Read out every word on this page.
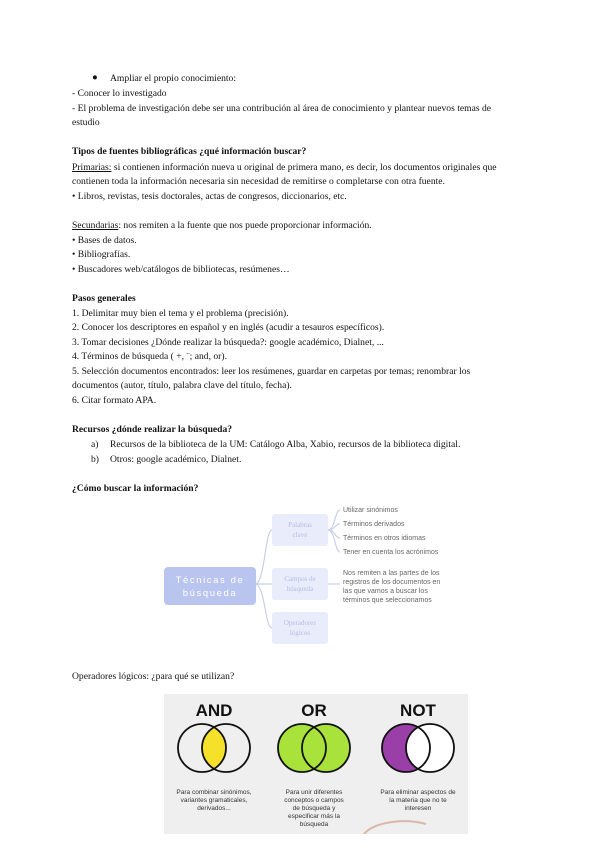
● Ampliar el propio conocimiento:
- Conocer lo investigado
- El problema de investigación debe ser una contribución al área de conocimiento y plantear nuevos temas de
estudio
Tipos de fuentes bibliográficas ¿qué información buscar?
Primarias: si contienen información nueva u original de primera mano, es decir, los documentos originales que
contienen toda la información necesaria sin necesidad de remitirse o completarse con otra fuente.
• Libros, revistas, tesis doctorales, actas de congresos, diccionarios, etc.
Secundarias: nos remiten a la fuente que nos puede proporcionar información.
• Bases de datos.
• Bibliografías.
• Buscadores web/catálogos de bibliotecas, resúmenes…
Pasos generales
1. Delimitar muy bien el tema y el problema (precisión).
2. Conocer los descriptores en español y en inglés (acudir a tesauros específicos).
3. Tomar decisiones ¿Dónde realizar la búsqueda?: google académico, Dialnet, ...
4. Términos de búsqueda ( +, ¨; and, or).
5. Selección documentos encontrados: leer los resúmenes, guardar en carpetas por temas; renombrar los
documentos (autor, título, palabra clave del título, fecha).
6. Citar formato APA.
Recursos ¿dónde realizar la búsqueda?
a) Recursos de la biblioteca de la UM: Catálogo Alba, Xabio, recursos de la biblioteca digital.
b) Otros: google académico, Dialnet.
¿Cómo buscar la información?
Técnicas de
búsqueda
Palabras
clave
Campos de
búsqueda
Operadores
lógicos
Utilizar sinónimos
Términos derivados
Términos en otros idiomas
Tener en cuenta los acrónimos
Nos remiten a las partes de los
registros de los documentos en
las que vamos a buscar los
términos que seleccionamos
Operadores lógicos: ¿para qué se utilizan?
AND
Para combinar sinónimos,
variantes gramaticales,
derivados...
OR
Para unir diferentes
conceptos o campos
de búsqueda y
especificar más la
búsqueda
NOT
Para eliminar aspectos de
la materia que no te
interesen
